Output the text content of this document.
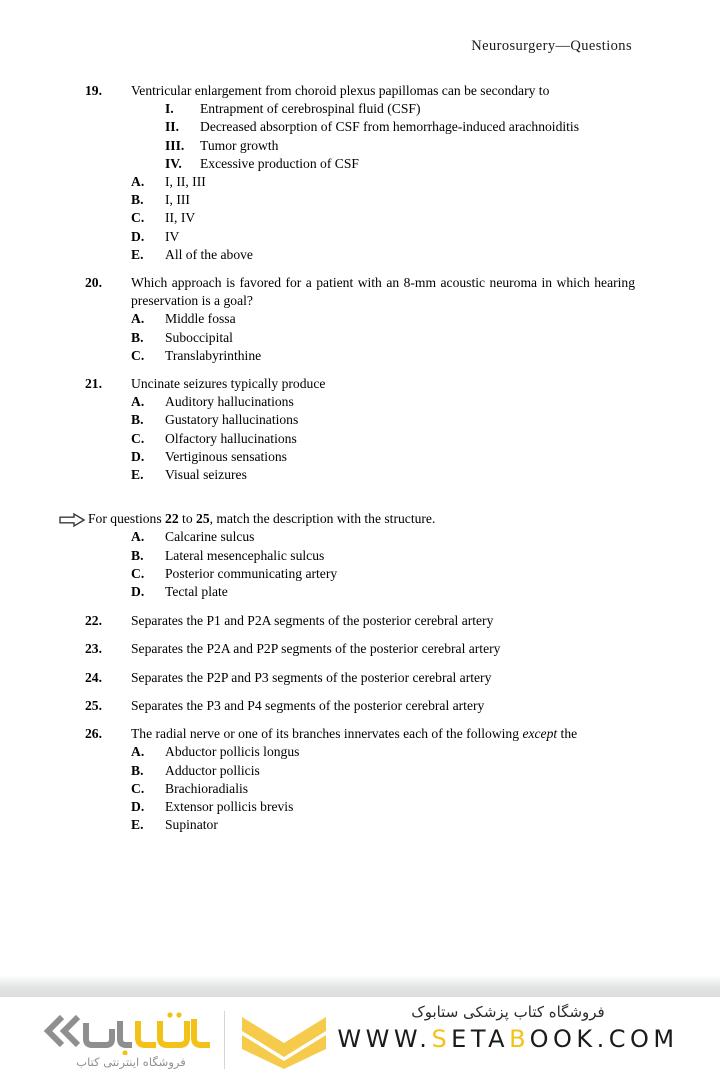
Neurosurgery—Questions
19.	Ventricular enlargement from choroid plexus papillomas can be secondary to
I. Entrapment of cerebrospinal fluid (CSF)
II. Decreased absorption of CSF from hemorrhage-induced arachnoiditis
III. Tumor growth
IV. Excessive production of CSF
A. I, II, III
B. I, III
C. II, IV
D. IV
E. All of the above
20.	Which approach is favored for a patient with an 8-mm acoustic neuroma in which hearing preservation is a goal?
A. Middle fossa
B. Suboccipital
C. Translabyrinthine
21.	Uncinate seizures typically produce
A. Auditory hallucinations
B. Gustatory hallucinations
C. Olfactory hallucinations
D. Vertiginous sensations
E. Visual seizures
For questions 22 to 25, match the description with the structure.
A. Calcarine sulcus
B. Lateral mesencephalic sulcus
C. Posterior communicating artery
D. Tectal plate
22.	Separates the P1 and P2A segments of the posterior cerebral artery
23.	Separates the P2A and P2P segments of the posterior cerebral artery
24.	Separates the P2P and P3 segments of the posterior cerebral artery
25.	Separates the P3 and P4 segments of the posterior cerebral artery
26.	The radial nerve or one of its branches innervates each of the following except the
A. Abductor pollicis longus
B. Adductor pollicis
C. Brachioradialis
D. Extensor pollicis brevis
E. Supinator
فروشگاه اینترنتی کتاب
فروشگاه کتاب پزشکی ستابوک
WWW.SETABOOK.COM
